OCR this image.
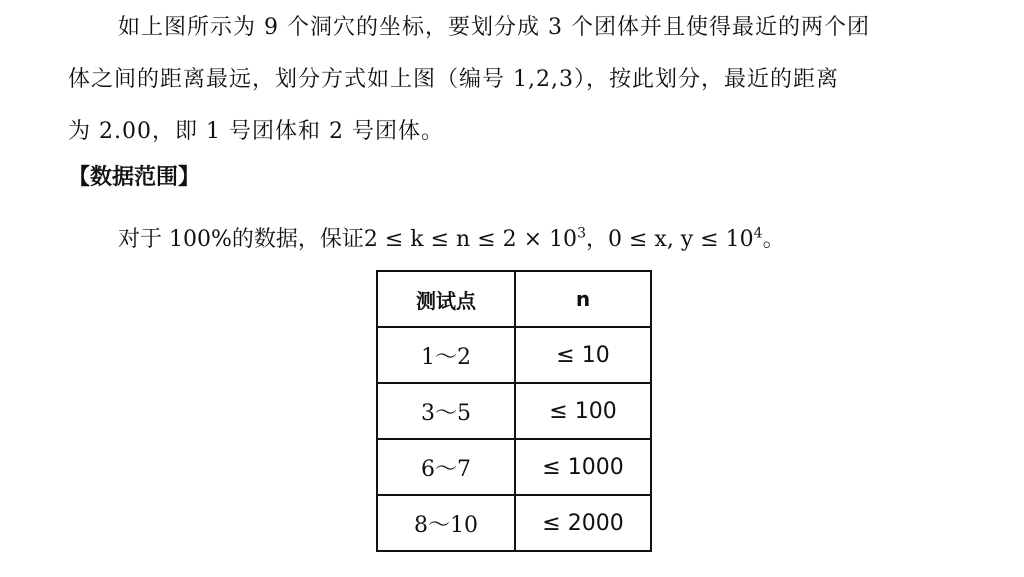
如上图所示为 9 个洞穴的坐标，要划分成 3 个团体并且使得最近的两个团
体之间的距离最远，划分方式如上图（编号 1,2,3），按此划分，最近的距离
为 2.00，即 1 号团体和 2 号团体。
【数据范围】
对于 100%的数据，保证$2 \le k \le n \le 2 \times 10^3$，0 ≤ x, $y \le 10^4$。
测试点	n
1～2	≤ 10
3～5	≤ 100
6～7	≤ 1000
8～10	≤ 2000
